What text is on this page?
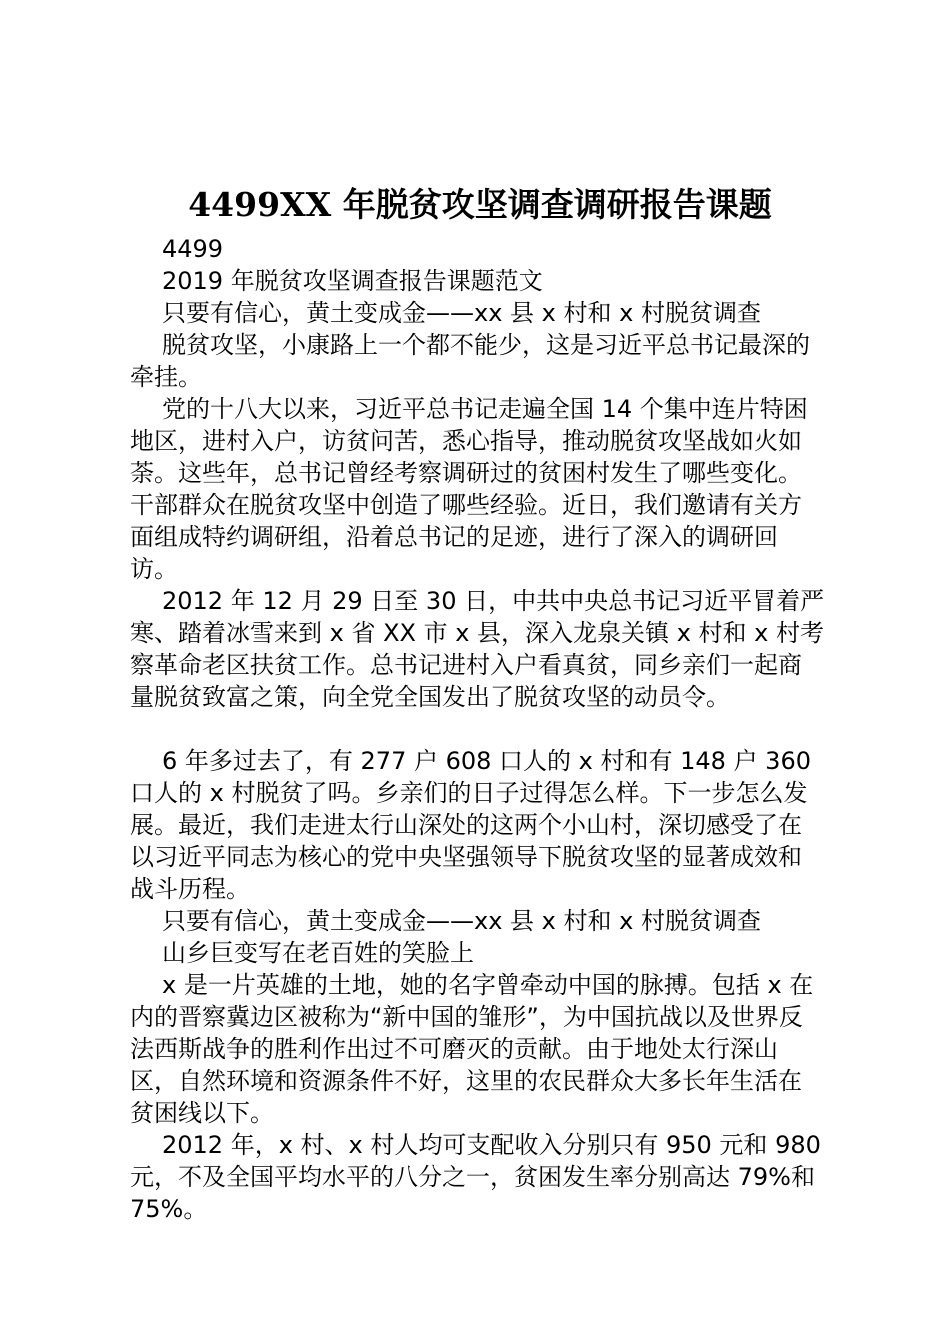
4499XX 年脱贫攻坚调查调研报告课题

4499

2019 年脱贫攻坚调查报告课题范文

只要有信心，黄土变成金——xx 县 x 村和 x 村脱贫调查

脱贫攻坚，小康路上一个都不能少，这是习近平总书记最深的牵挂。

党的十八大以来，习近平总书记走遍全国 14 个集中连片特困地区，进村入户，访贫问苦，悉心指导，推动脱贫攻坚战如火如荼。这些年，总书记曾经考察调研过的贫困村发生了哪些变化。干部群众在脱贫攻坚中创造了哪些经验。近日，我们邀请有关方面组成特约调研组，沿着总书记的足迹，进行了深入的调研回访。

2012 年 12 月 29 日至 30 日，中共中央总书记习近平冒着严寒、踏着冰雪来到 x 省 XX 市 x 县，深入龙泉关镇 x 村和 x 村考察革命老区扶贫工作。总书记进村入户看真贫，同乡亲们一起商量脱贫致富之策，向全党全国发出了脱贫攻坚的动员令。

6 年多过去了，有 277 户 608 口人的 x 村和有 148 户 360 口人的 x 村脱贫了吗。乡亲们的日子过得怎么样。下一步怎么发展。最近，我们走进太行山深处的这两个小山村，深切感受了在以习近平同志为核心的党中央坚强领导下脱贫攻坚的显著成效和战斗历程。

只要有信心，黄土变成金——xx 县 x 村和 x 村脱贫调查

山乡巨变写在老百姓的笑脸上

x 是一片英雄的土地，她的名字曾牵动中国的脉搏。包括 x 在内的晋察冀边区被称为“新中国的雏形”，为中国抗战以及世界反法西斯战争的胜利作出过不可磨灭的贡献。由于地处太行深山区，自然环境和资源条件不好，这里的农民群众大多长年生活在贫困线以下。

2012 年，x 村、x 村人均可支配收入分别只有 950 元和 980 元，不及全国平均水平的八分之一，贫困发生率分别高达 79%和 75%。
